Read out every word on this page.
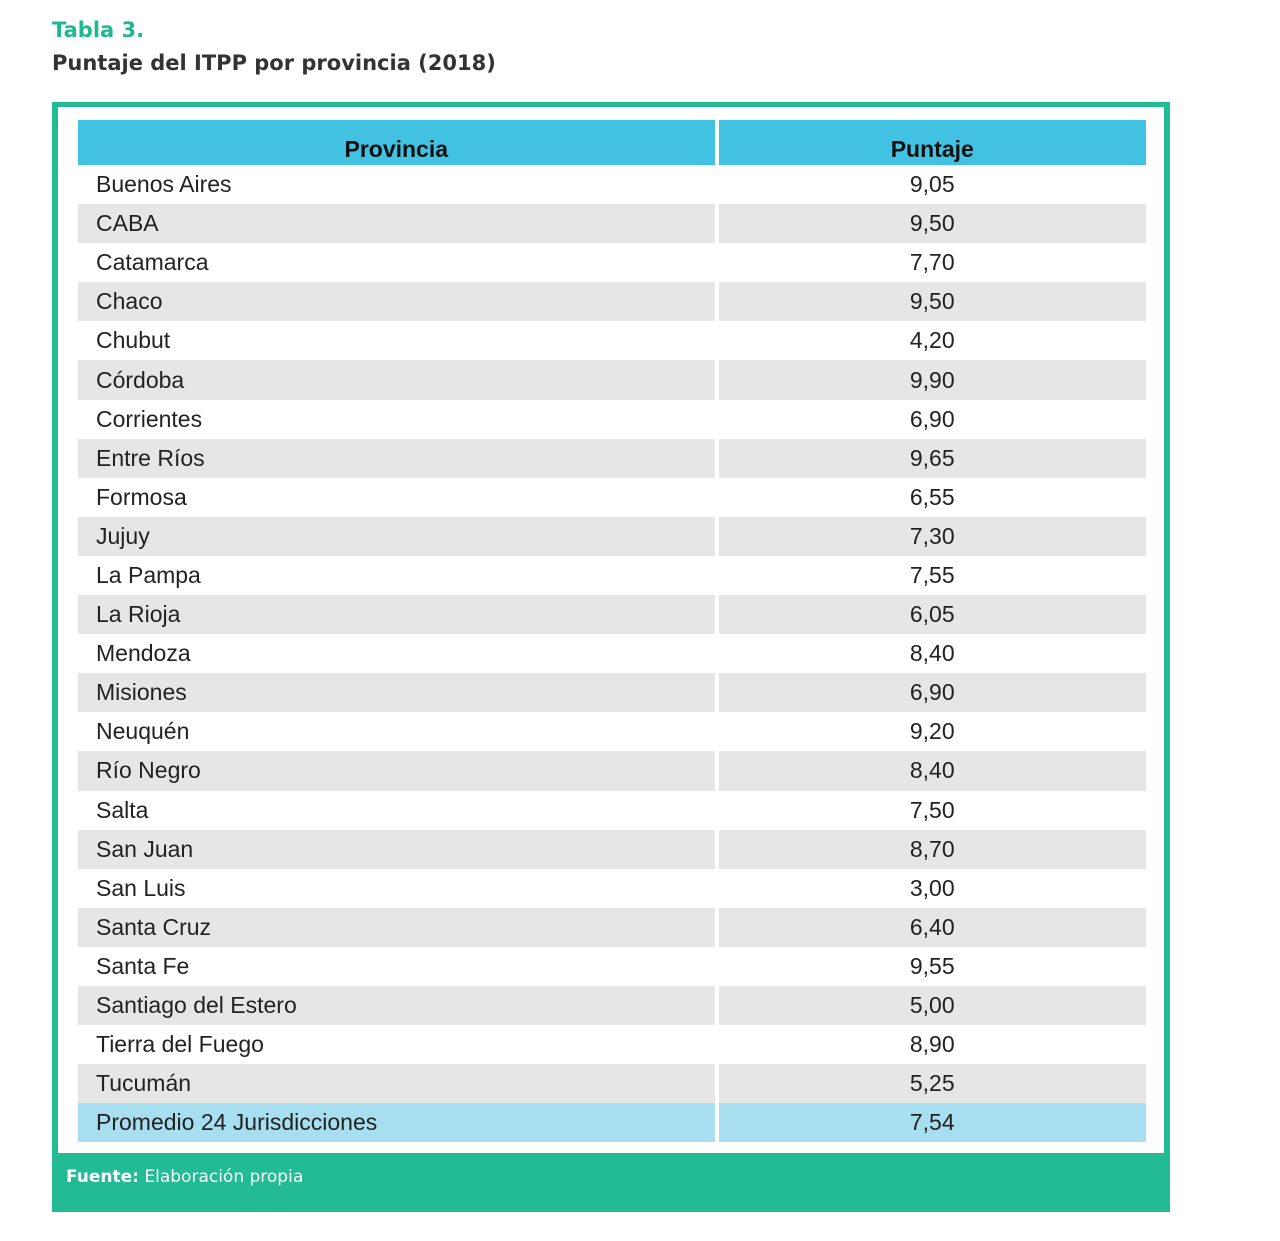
Tabla 3.
Puntaje del ITPP por provincia (2018)
Provincia	Puntaje
Buenos Aires	9,05
CABA	9,50
Catamarca	7,70
Chaco	9,50
Chubut	4,20
Córdoba	9,90
Corrientes	6,90
Entre Ríos	9,65
Formosa	6,55
Jujuy	7,30
La Pampa	7,55
La Rioja	6,05
Mendoza	8,40
Misiones	6,90
Neuquén	9,20
Río Negro	8,40
Salta	7,50
San Juan	8,70
San Luis	3,00
Santa Cruz	6,40
Santa Fe	9,55
Santiago del Estero	5,00
Tierra del Fuego	8,90
Tucumán	5,25
Promedio 24 Jurisdicciones	7,54
Fuente: Elaboración propia
